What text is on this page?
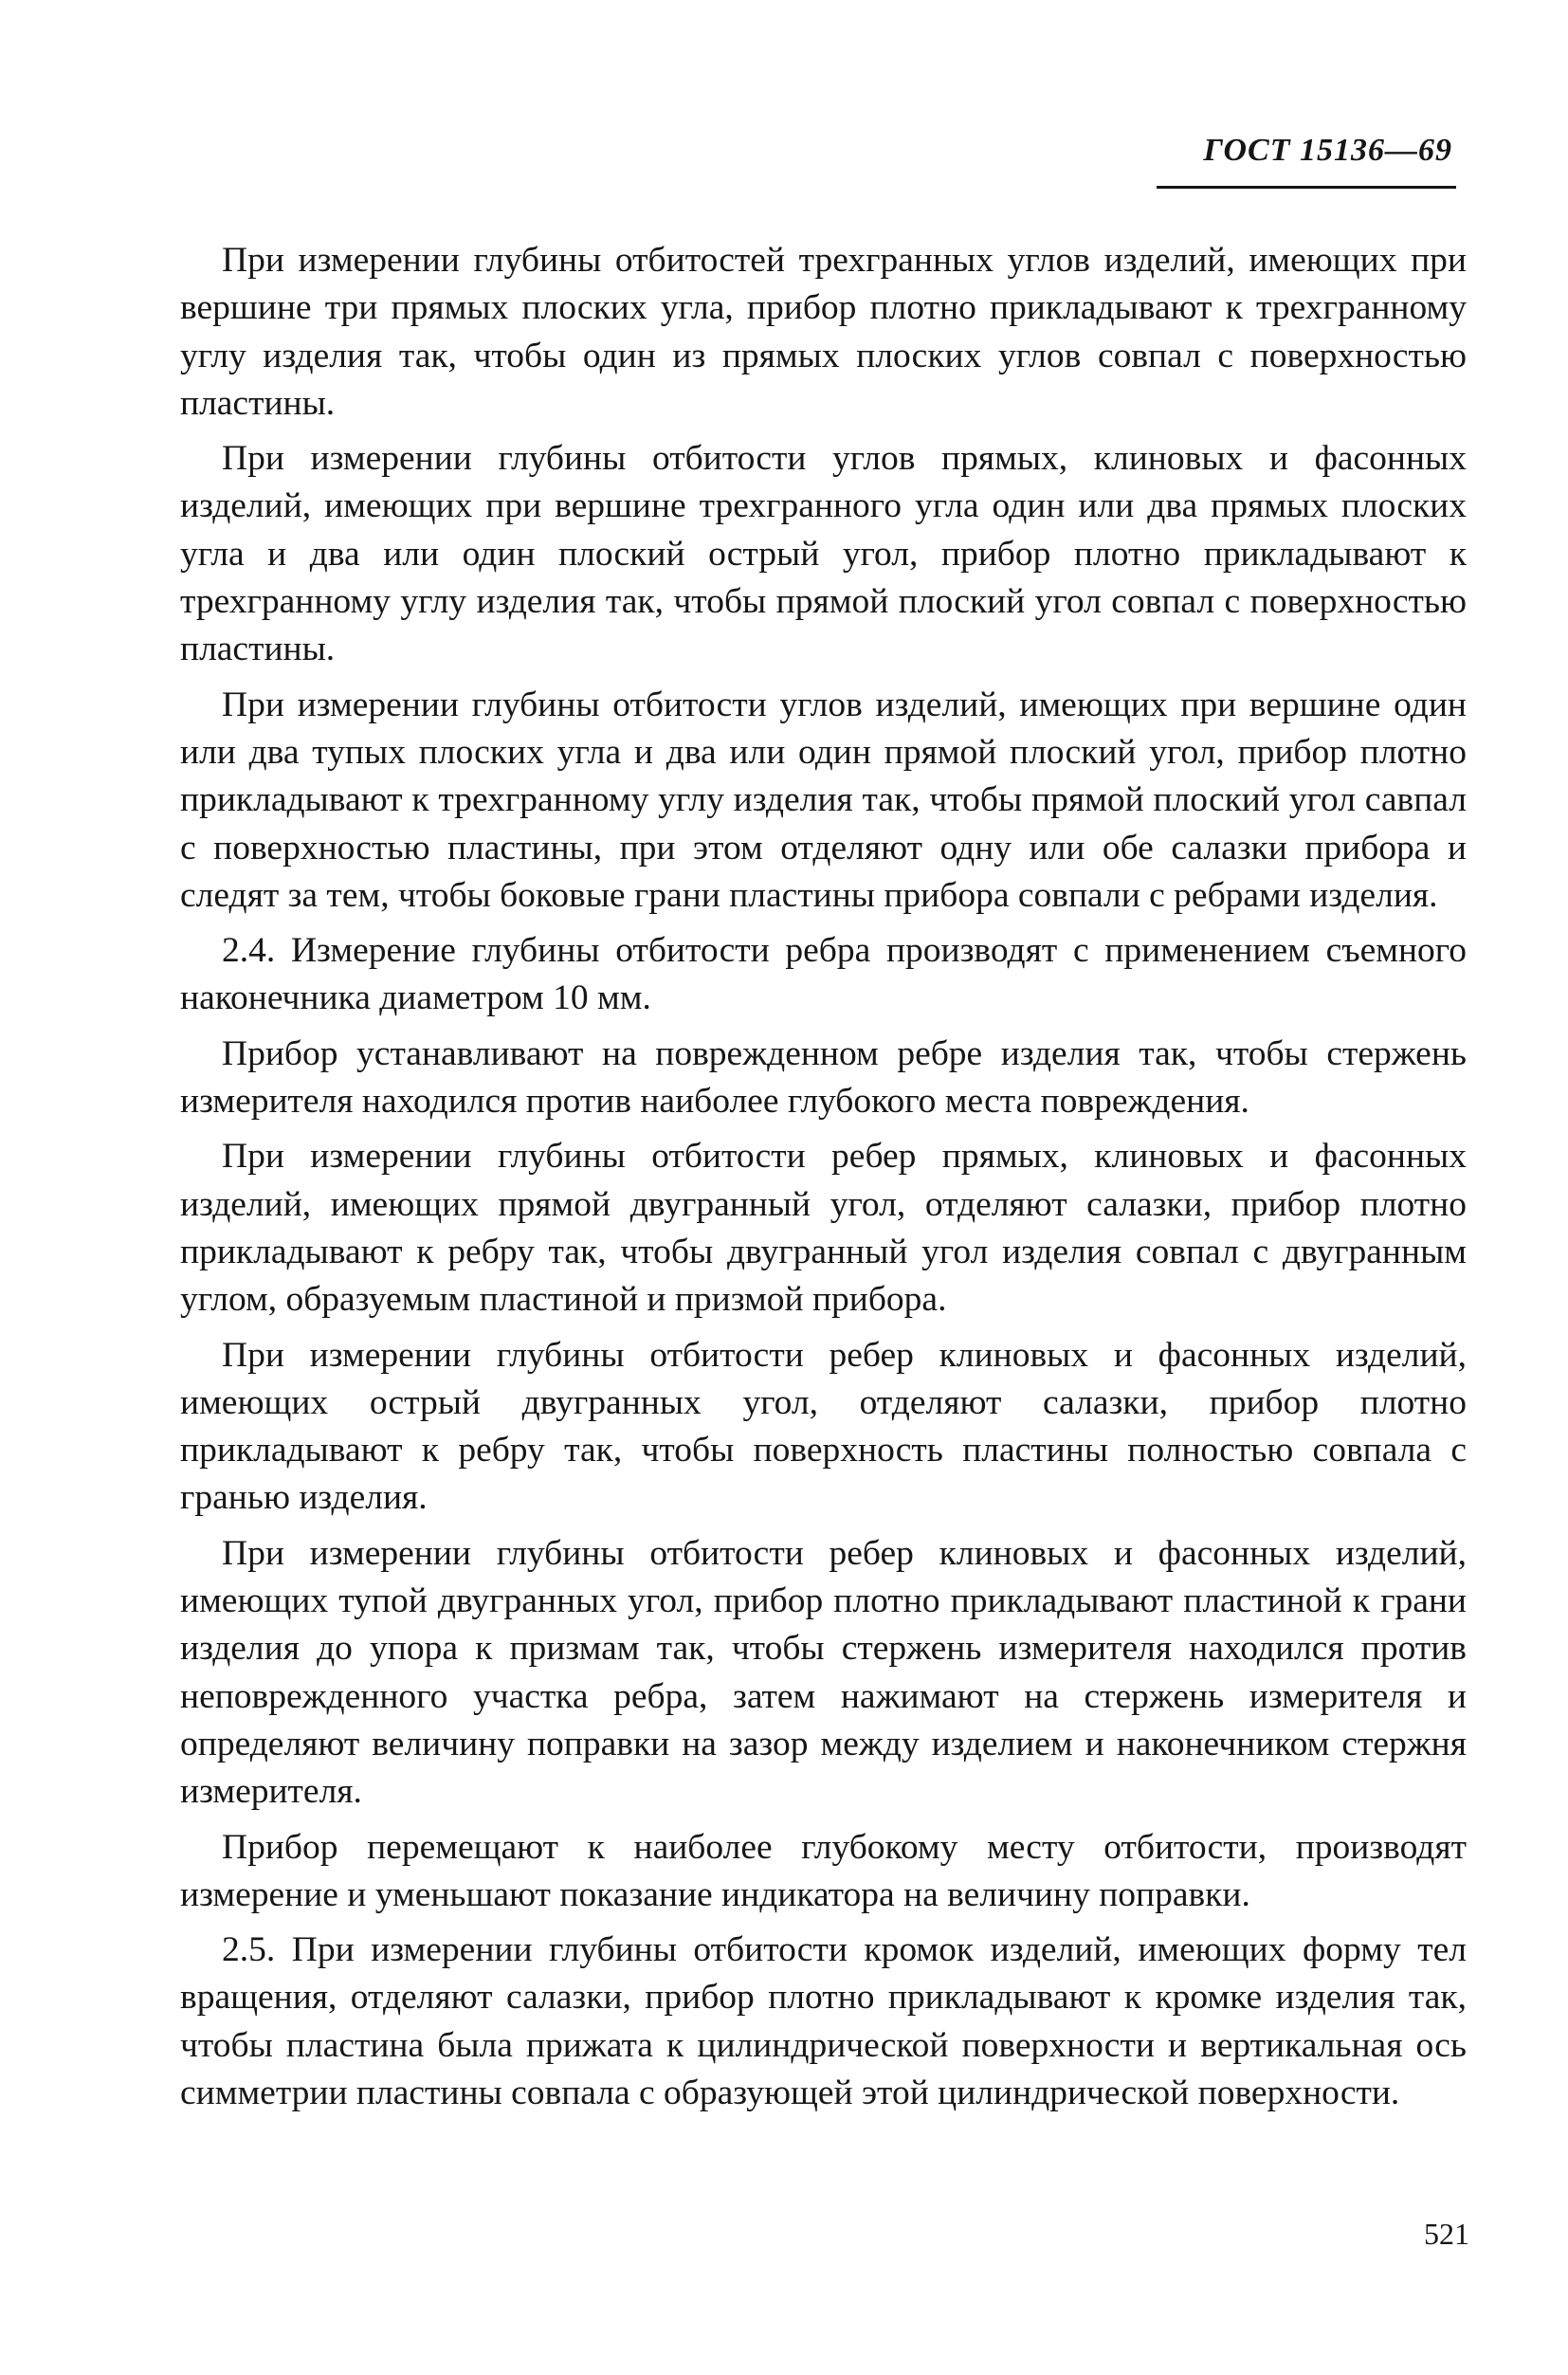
ГОСТ 15136—69

При измерении глубины отбитостей трехгранных углов изделий, имеющих при вершине три прямых плоских угла, прибор плотно прикладывают к трехгранному углу изделия так, чтобы один из прямых плоских углов совпал с поверхностью пластины.

При измерении глубины отбитости углов прямых, клиновых и фасонных изделий, имеющих при вершине трехгранного угла один или два прямых плоских угла и два или один плоский острый угол, прибор плотно прикладывают к трехгранному углу изделия так, чтобы прямой плоский угол совпал с поверхностью пластины.

При измерении глубины отбитости углов изделий, имеющих при вершине один или два тупых плоских угла и два или один прямой плоский угол, прибор плотно прикладывают к трехгранному углу изделия так, чтобы прямой плоский угол савпал с поверхностью пластины, при этом отделяют одну или обе салазки прибора и следят за тем, чтобы боковые грани пластины прибора совпали с ребрами изделия.

2.4. Измерение глубины отбитости ребра производят с применением съемного наконечника диаметром 10 мм.

Прибор устанавливают на поврежденном ребре изделия так, чтобы стержень измерителя находился против наиболее глубокого места повреждения.

При измерении глубины отбитости ребер прямых, клиновых и фасонных изделий, имеющих прямой двугранный угол, отделяют салазки, прибор плотно прикладывают к ребру так, чтобы двугранный угол изделия совпал с двугранным углом, образуемым пластиной и призмой прибора.

При измерении глубины отбитости ребер клиновых и фасонных изделий, имеющих острый двугранных угол, отделяют салазки, прибор плотно прикладывают к ребру так, чтобы поверхность пластины полностью совпала с гранью изделия.

При измерении глубины отбитости ребер клиновых и фасонных изделий, имеющих тупой двугранных угол, прибор плотно прикладывают пластиной к грани изделия до упора к призмам так, чтобы стержень измерителя находился против неповрежденного участка ребра, затем нажимают на стержень измерителя и определяют величину поправки на зазор между изделием и наконечником стержня измерителя.

Прибор перемещают к наиболее глубокому месту отбитости, производят измерение и уменьшают показание индикатора на величину поправки.

2.5. При измерении глубины отбитости кромок изделий, имеющих форму тел вращения, отделяют салазки, прибор плотно прикладывают к кромке изделия так, чтобы пластина была прижата к цилиндрической поверхности и вертикальная ось симметрии пластины совпала с образующей этой цилиндрической поверхности.

521
